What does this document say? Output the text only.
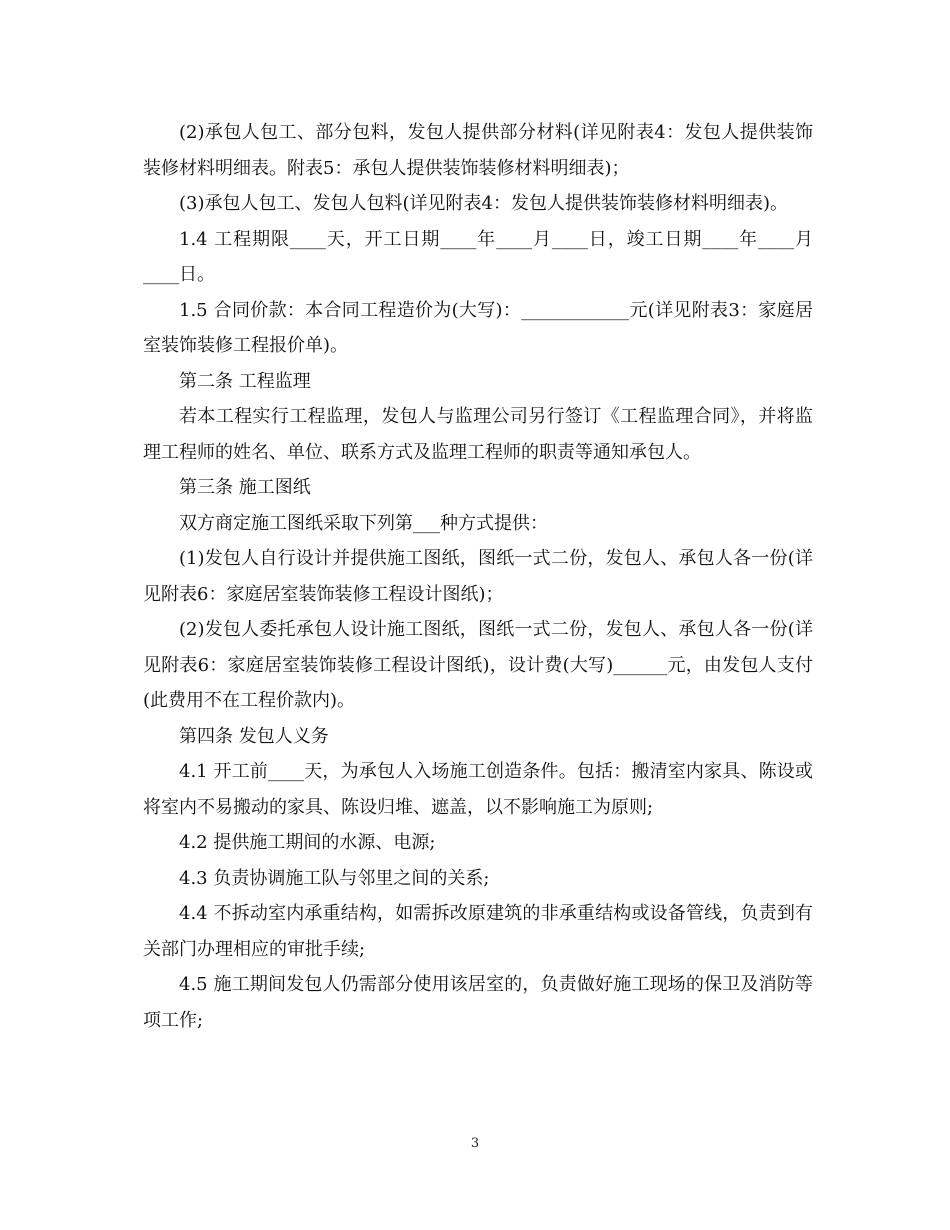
(2)承包人包工、部分包料，发包人提供部分材料(详见附表4：发包人提供装饰装修材料明细表。附表5：承包人提供装饰装修材料明细表)；

(3)承包人包工、发包人包料(详见附表4：发包人提供装饰装修材料明细表)。

1.4 工程期限____天，开工日期____年____月____日，竣工日期____年____月____日。

1.5 合同价款：本合同工程造价为(大写)：____________元(详见附表3：家庭居室装饰装修工程报价单)。

第二条 工程监理

若本工程实行工程监理，发包人与监理公司另行签订《工程监理合同》，并将监理工程师的姓名、单位、联系方式及监理工程师的职责等通知承包人。

第三条 施工图纸

双方商定施工图纸采取下列第___种方式提供：

(1)发包人自行设计并提供施工图纸，图纸一式二份，发包人、承包人各一份(详见附表6：家庭居室装饰装修工程设计图纸)；

(2)发包人委托承包人设计施工图纸，图纸一式二份，发包人、承包人各一份(详见附表6：家庭居室装饰装修工程设计图纸)，设计费(大写)______元，由发包人支付(此费用不在工程价款内)。

第四条 发包人义务

4.1 开工前____天，为承包人入场施工创造条件。包括：搬清室内家具、陈设或将室内不易搬动的家具、陈设归堆、遮盖，以不影响施工为原则;

4.2 提供施工期间的水源、电源;

4.3 负责协调施工队与邻里之间的关系;

4.4 不拆动室内承重结构，如需拆改原建筑的非承重结构或设备管线，负责到有关部门办理相应的审批手续;

4.5 施工期间发包人仍需部分使用该居室的，负责做好施工现场的保卫及消防等项工作;

3
